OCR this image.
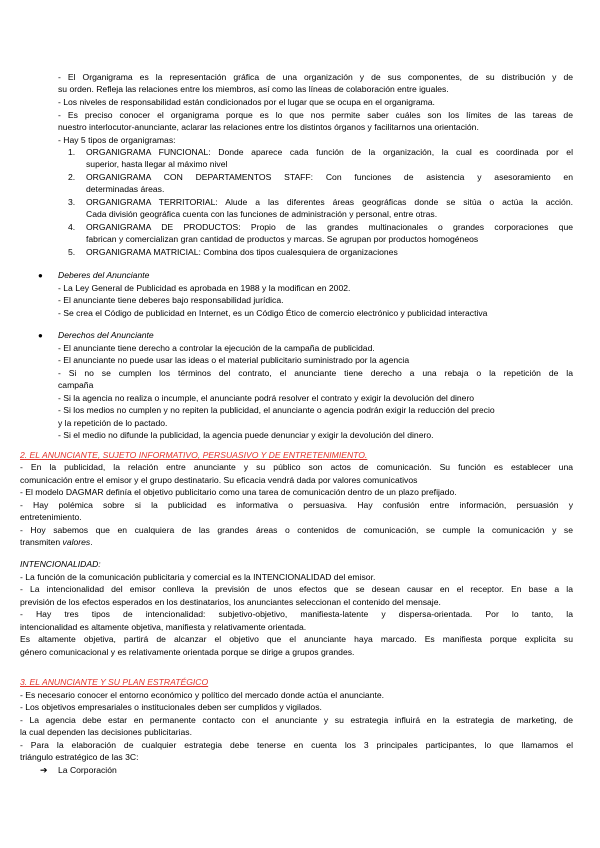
- El Organigrama es la representación gráfica de una organización y de sus componentes, de su distribución y de
su orden. Refleja las relaciones entre los miembros, así como las líneas de colaboración entre iguales.
- Los niveles de responsabilidad están condicionados por el lugar que se ocupa en el organigrama.
- Es preciso conocer el organigrama porque es lo que nos permite saber cuáles son los límites de las tareas de
nuestro interlocutor-anunciante, aclarar las relaciones entre los distintos órganos y facilitarnos una orientación.
- Hay 5 tipos de organigramas:
1. ORGANIGRAMA FUNCIONAL: Donde aparece cada función de la organización, la cual es coordinada por el
superior, hasta llegar al máximo nivel
2. ORGANIGRAMA CON DEPARTAMENTOS STAFF: Con funciones de asistencia y asesoramiento en
determinadas áreas.
3. ORGANIGRAMA TERRITORIAL: Alude a las diferentes áreas geográficas donde se sitúa o actúa la acción.
Cada división geográfica cuenta con las funciones de administración y personal, entre otras.
4. ORGANIGRAMA DE PRODUCTOS: Propio de las grandes multinacionales o grandes corporaciones que
fabrican y comercializan gran cantidad de productos y marcas. Se agrupan por productos homogéneos
5. ORGANIGRAMA MATRICIAL: Combina dos tipos cualesquiera de organizaciones
● Deberes del Anunciante
- La Ley General de Publicidad es aprobada en 1988 y la modifican en 2002.
- El anunciante tiene deberes bajo responsabilidad jurídica.
- Se crea el Código de publicidad en Internet, es un Código Ético de comercio electrónico y publicidad interactiva
● Derechos del Anunciante
- El anunciante tiene derecho a controlar la ejecución de la campaña de publicidad.
- El anunciante no puede usar las ideas o el material publicitario suministrado por la agencia
- Si no se cumplen los términos del contrato, el anunciante tiene derecho a una rebaja o la repetición de la
campaña
- Si la agencia no realiza o incumple, el anunciante podrá resolver el contrato y exigir la devolución del dinero
- Si los medios no cumplen y no repiten la publicidad, el anunciante o agencia podrán exigir la reducción del precio
y la repetición de lo pactado.
- Si el medio no difunde la publicidad, la agencia puede denunciar y exigir la devolución del dinero.
2. EL ANUNCIANTE, SUJETO INFORMATIVO, PERSUASIVO Y DE ENTRETENIMIENTO.
- En la publicidad, la relación entre anunciante y su público son actos de comunicación. Su función es establecer una
comunicación entre el emisor y el grupo destinatario. Su eficacia vendrá dada por valores comunicativos
- El modelo DAGMAR definía el objetivo publicitario como una tarea de comunicación dentro de un plazo prefijado.
- Hay polémica sobre si la publicidad es informativa o persuasiva. Hay confusión entre información, persuasión y
entretenimiento.
- Hoy sabemos que en cualquiera de las grandes áreas o contenidos de comunicación, se cumple la comunicación y se
transmiten valores.
INTENCIONALIDAD:
- La función de la comunicación publicitaria y comercial es la INTENCIONALIDAD del emisor.
- La intencionalidad del emisor conlleva la previsión de unos efectos que se desean causar en el receptor. En base a la
previsión de los efectos esperados en los destinatarios, los anunciantes seleccionan el contenido del mensaje.
- Hay tres tipos de intencionalidad: subjetivo-objetivo, manifiesta-latente y dispersa-orientada. Por lo tanto, la
intencionalidad es altamente objetiva, manifiesta y relativamente orientada.
Es altamente objetiva, partirá de alcanzar el objetivo que el anunciante haya marcado. Es manifiesta porque explicita su
género comunicacional y es relativamente orientada porque se dirige a grupos grandes.
3. EL ANUNCIANTE Y SU PLAN ESTRATÉGICO
- Es necesario conocer el entorno económico y político del mercado donde actúa el anunciante.
- Los objetivos empresariales o institucionales deben ser cumplidos y vigilados.
- La agencia debe estar en permanente contacto con el anunciante y su estrategia influirá en la estrategia de marketing, de
la cual dependen las decisiones publicitarias.
- Para la elaboración de cualquier estrategia debe tenerse en cuenta los 3 principales participantes, lo que llamamos el
triángulo estratégico de las 3C:
➔ La Corporación
